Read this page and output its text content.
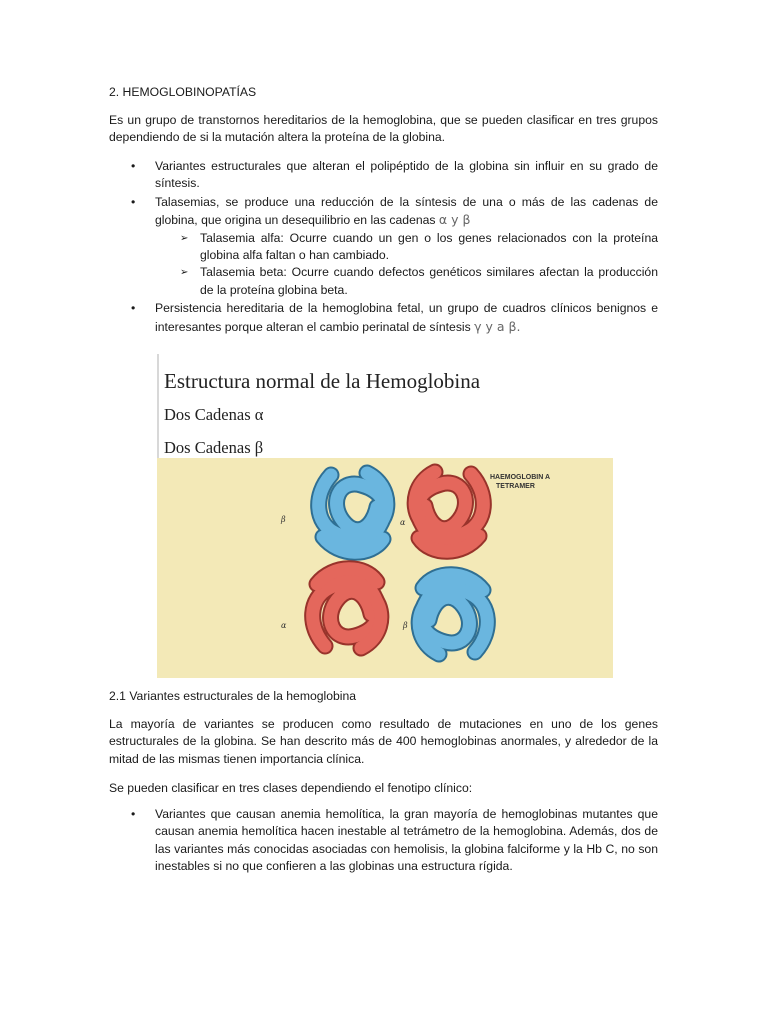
2. HEMOGLOBINOPATÍAS

Es un grupo de transtornos hereditarios de la hemoglobina, que se pueden clasificar en tres grupos dependiendo de si la mutación altera la proteína de la globina.

• Variantes estructurales que alteran el polipéptido de la globina sin influir en su grado de síntesis.
• Talasemias, se produce una reducción de la síntesis de una o más de las cadenas de globina, que origina un desequilibrio en las cadenas α y β
➢ Talasemia alfa: Ocurre cuando un gen o los genes relacionados con la proteína globina alfa faltan o han cambiado.
➢ Talasemia beta: Ocurre cuando defectos genéticos similares afectan la producción de la proteína globina beta.
• Persistencia hereditaria de la hemoglobina fetal, un grupo de cuadros clínicos benignos e interesantes porque alteran el cambio perinatal de síntesis γ y a β.

Estructura normal de la Hemoglobina

Dos Cadenas α

Dos Cadenas β

HAEMOGLOBIN A
TETRAMER
β	α
α	β

2.1 Variantes estructurales de la hemoglobina

La mayoría de variantes se producen como resultado de mutaciones en uno de los genes estructurales de la globina. Se han descrito más de 400 hemoglobinas anormales, y alrededor de la mitad de las mismas tienen importancia clínica.

Se pueden clasificar en tres clases dependiendo el fenotipo clínico:

• Variantes que causan anemia hemolítica, la gran mayoría de hemoglobinas mutantes que causan anemia hemolítica hacen inestable al tetrámetro de la hemoglobina. Además, dos de las variantes más conocidas asociadas con hemolisis, la globina falciforme y la Hb C, no son inestables si no que confieren a las globinas una estructura rígida.
